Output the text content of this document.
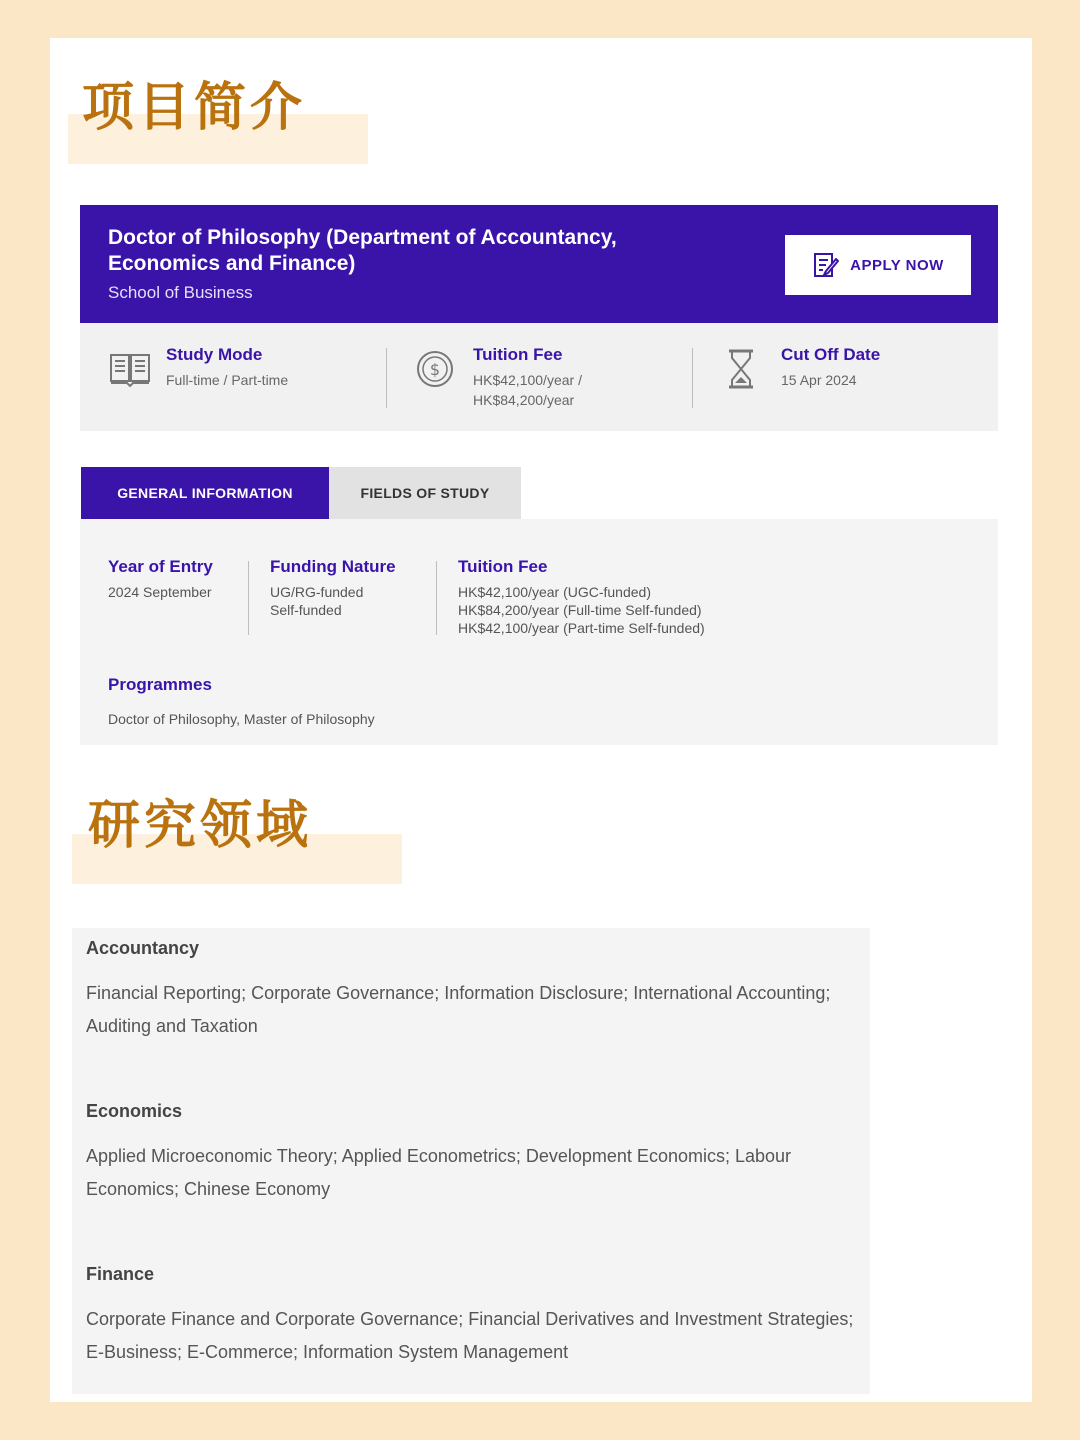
项目简介
Doctor of Philosophy (Department of Accountancy, Economics and Finance)
School of Business
APPLY NOW
Study Mode
Full-time / Part-time
$
Tuition Fee
HK$42,100/year / HK$84,200/year
Cut Off Date
15 Apr 2024
GENERAL INFORMATION	FIELDS OF STUDY
Year of Entry
2024 September
Funding Nature
UG/RG-funded
Self-funded
Tuition Fee
HK$42,100/year (UGC-funded)
HK$84,200/year (Full-time Self-funded)
HK$42,100/year (Part-time Self-funded)
Programmes
Doctor of Philosophy, Master of Philosophy
研究领域
Accountancy
Financial Reporting; Corporate Governance; Information Disclosure; International Accounting; Auditing and Taxation
Economics
Applied Microeconomic Theory; Applied Econometrics; Development Economics; Labour Economics; Chinese Economy
Finance
Corporate Finance and Corporate Governance; Financial Derivatives and Investment Strategies; E-Business; E-Commerce; Information System Management
